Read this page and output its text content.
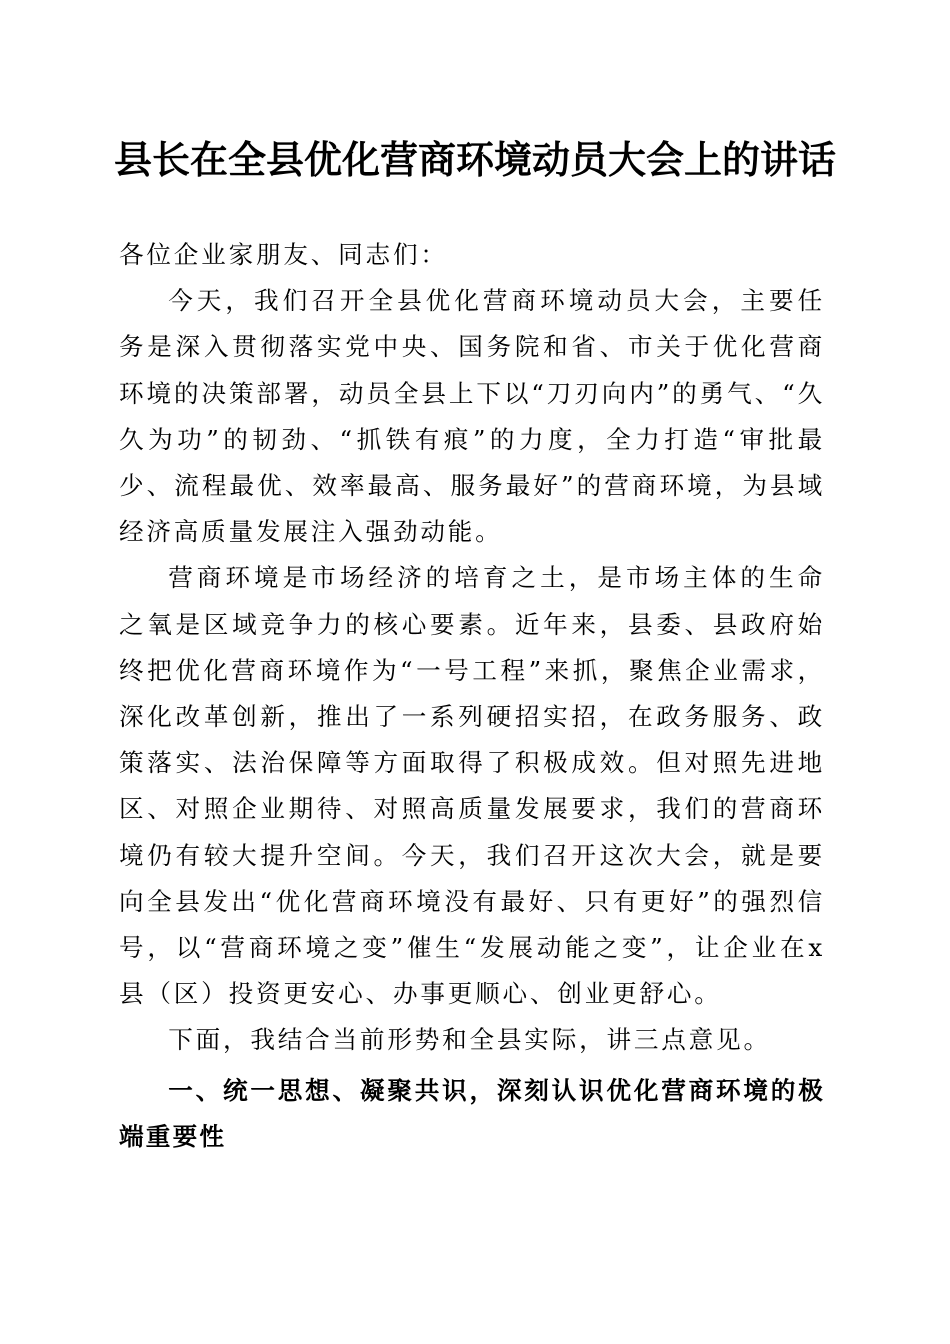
县长在全县优化营商环境动员大会上的讲话

各位企业家朋友、同志们：

今天，我们召开全县优化营商环境动员大会，主要任务是深入贯彻落实党中央、国务院和省、市关于优化营商环境的决策部署，动员全县上下以“刀刃向内”的勇气、“久久为功”的韧劲、“抓铁有痕”的力度，全力打造“审批最少、流程最优、效率最高、服务最好”的营商环境，为县域经济高质量发展注入强劲动能。

营商环境是市场经济的培育之土，是市场主体的生命之氧是区域竞争力的核心要素。近年来，县委、县政府始终把优化营商环境作为“一号工程”来抓，聚焦企业需求，深化改革创新，推出了一系列硬招实招，在政务服务、政策落实、法治保障等方面取得了积极成效。但对照先进地区、对照企业期待、对照高质量发展要求，我们的营商环境仍有较大提升空间。今天，我们召开这次大会，就是要向全县发出“优化营商环境没有最好、只有更好”的强烈信号，以“营商环境之变”催生“发展动能之变”，让企业在x县（区）投资更安心、办事更顺心、创业更舒心。

下面，我结合当前形势和全县实际，讲三点意见。

一、统一思想、凝聚共识，深刻认识优化营商环境的极端重要性
